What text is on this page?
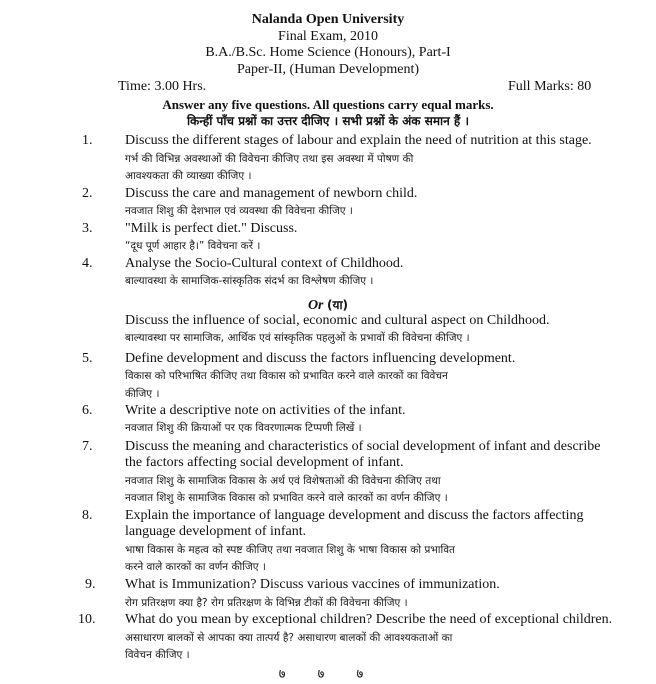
Nalanda Open University
Final Exam, 2010
B.A./B.Sc. Home Science (Honours), Part-I
Paper-II, (Human Development)
Time: 3.00 Hrs.	Full Marks: 80
Answer any five questions. All questions carry equal marks.
किन्हीं पाँच प्रश्नों का उत्तर दीजिए । सभी प्रश्नों के अंक समान हैं ।
1. Discuss the different stages of labour and explain the need of nutrition at this stage.
गर्भ की विभिन्न अवस्थाओं की विवेचना कीजिए तथा इस अवस्था में पोषण की
आवश्यकता की व्याख्या कीजिए ।
2. Discuss the care and management of newborn child.
नवजात शिशु की देशभाल एवं व्यवस्था की विवेचना कीजिए ।
3. "Milk is perfect diet." Discuss.
“दूध पूर्ण आहार है।” विवेचना करें ।
4. Analyse the Socio-Cultural context of Childhood.
बाल्यावस्था के सामाजिक-सांस्कृतिक संदर्भ का विश्लेषण कीजिए ।
Or (या)
Discuss the influence of social, economic and cultural aspect on Childhood.
बाल्यावस्था पर सामाजिक, आर्थिक एवं सांस्कृतिक पहलुओं के प्रभावों की विवेचना कीजिए ।
5. Define development and discuss the factors influencing development.
विकास को परिभाषित कीजिए तथा विकास को प्रभावित करने वाले कारकों का विवेचन
कीजिए ।
6. Write a descriptive note on activities of the infant.
नवजात शिशु की क्रियाओं पर एक विवरणात्मक टिप्पणी लिखें ।
7. Discuss the meaning and characteristics of social development of infant and describe
the factors affecting social development of infant.
नवजात शिशु के सामाजिक विकास के अर्थ एवं विशेषताओं की विवेचना कीजिए तथा
नवजात शिशु के सामाजिक विकास को प्रभावित करने वाले कारकों का वर्णन कीजिए ।
8. Explain the importance of language development and discuss the factors affecting
language development of infant.
भाषा विकास के महत्व को स्पष्ट कीजिए तथा नवजात शिशु के भाषा विकास को प्रभावित
करने वाले कारकों का वर्णन कीजिए ।
9. What is Immunization? Discuss various vaccines of immunization.
रोग प्रतिरक्षण क्या है? रोग प्रतिरक्षण के विभिन्न टीकों की विवेचना कीजिए ।
10. What do you mean by exceptional children? Describe the need of exceptional children.
असाधारण बालकों से आपका क्या तात्पर्य है? असाधारण बालकों की आवश्यकताओं का
विवेचन कीजिए ।
७ ७ ७
